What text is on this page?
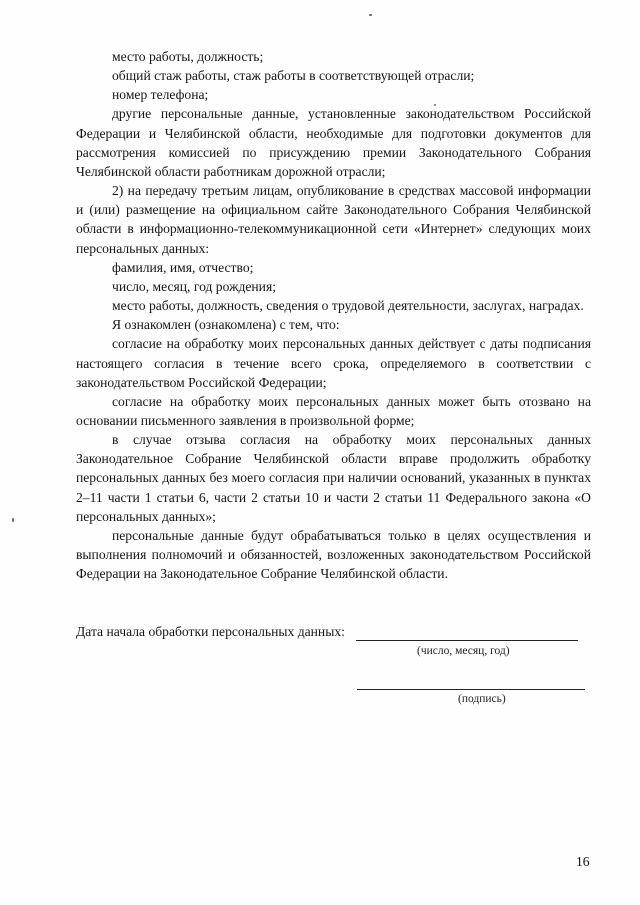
место работы, должность;

общий стаж работы, стаж работы в соответствующей отрасли;

номер телефона;

другие персональные данные, установленные законодательством Российской Федерации и Челябинской области, необходимые для подготовки документов для рассмотрения комиссией по присуждению премии Законодательного Собрания Челябинской области работникам дорожной отрасли;

2) на передачу третьим лицам, опубликование в средствах массовой информации и (или) размещение на официальном сайте Законодательного Собрания Челябинской области в информационно-телекоммуникационной сети «Интернет» следующих моих персональных данных:

фамилия, имя, отчество;

число, месяц, год рождения;

место работы, должность, сведения о трудовой деятельности, заслугах, наградах.

Я ознакомлен (ознакомлена) с тем, что:

согласие на обработку моих персональных данных действует с даты подписания настоящего согласия в течение всего срока, определяемого в соответствии с законодательством Российской Федерации;

согласие на обработку моих персональных данных может быть отозвано на основании письменного заявления в произвольной форме;

в случае отзыва согласия на обработку моих персональных данных Законодательное Собрание Челябинской области вправе продолжить обработку персональных данных без моего согласия при наличии оснований, указанных в пунктах 2–11 части 1 статьи 6, части 2 статьи 10 и части 2 статьи 11 Федерального закона «О персональных данных»;

персональные данные будут обрабатываться только в целях осуществления и выполнения полномочий и обязанностей, возложенных законодательством Российской Федерации на Законодательное Собрание Челябинской области.

Дата начала обработки персональных данных:
(число, месяц, год)
(подпись)
16
